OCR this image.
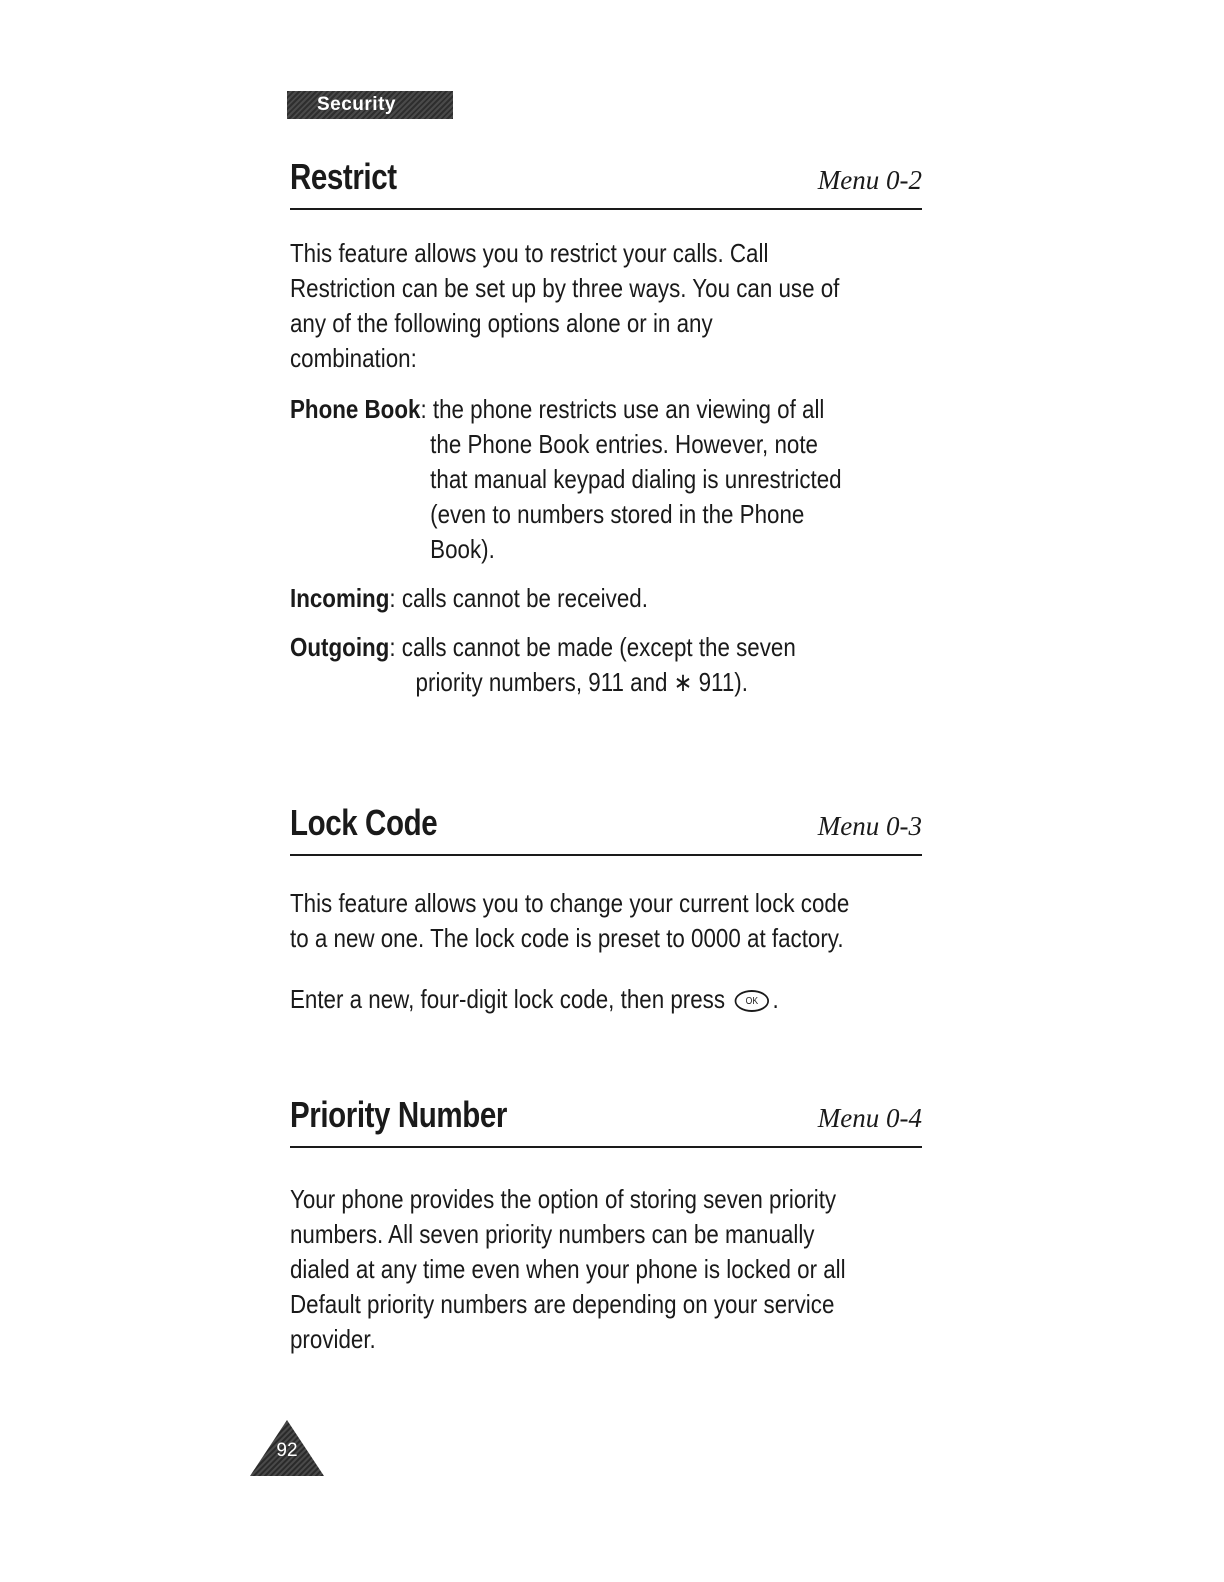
Security
Restrict	Menu 0-2

This feature allows you to restrict your calls. Call
Restriction can be set up by three ways. You can use of
any of the following options alone or in any
combination:

Phone Book: the phone restricts use an viewing of all
the Phone Book entries. However, note
that manual keypad dialing is unrestricted
(even to numbers stored in the Phone
Book).
Incoming: calls cannot be received.
Outgoing: calls cannot be made (except the seven
priority numbers, 911 and ∗ 911).
Lock Code	Menu 0-3

This feature allows you to change your current lock code
to a new one. The lock code is preset to 0000 at factory.

Enter a new, four-digit lock code, then press OK .

Priority Number	Menu 0-4

Your phone provides the option of storing seven priority
numbers. All seven priority numbers can be manually
dialed at any time even when your phone is locked or all
Default priority numbers are depending on your service
provider.

92
